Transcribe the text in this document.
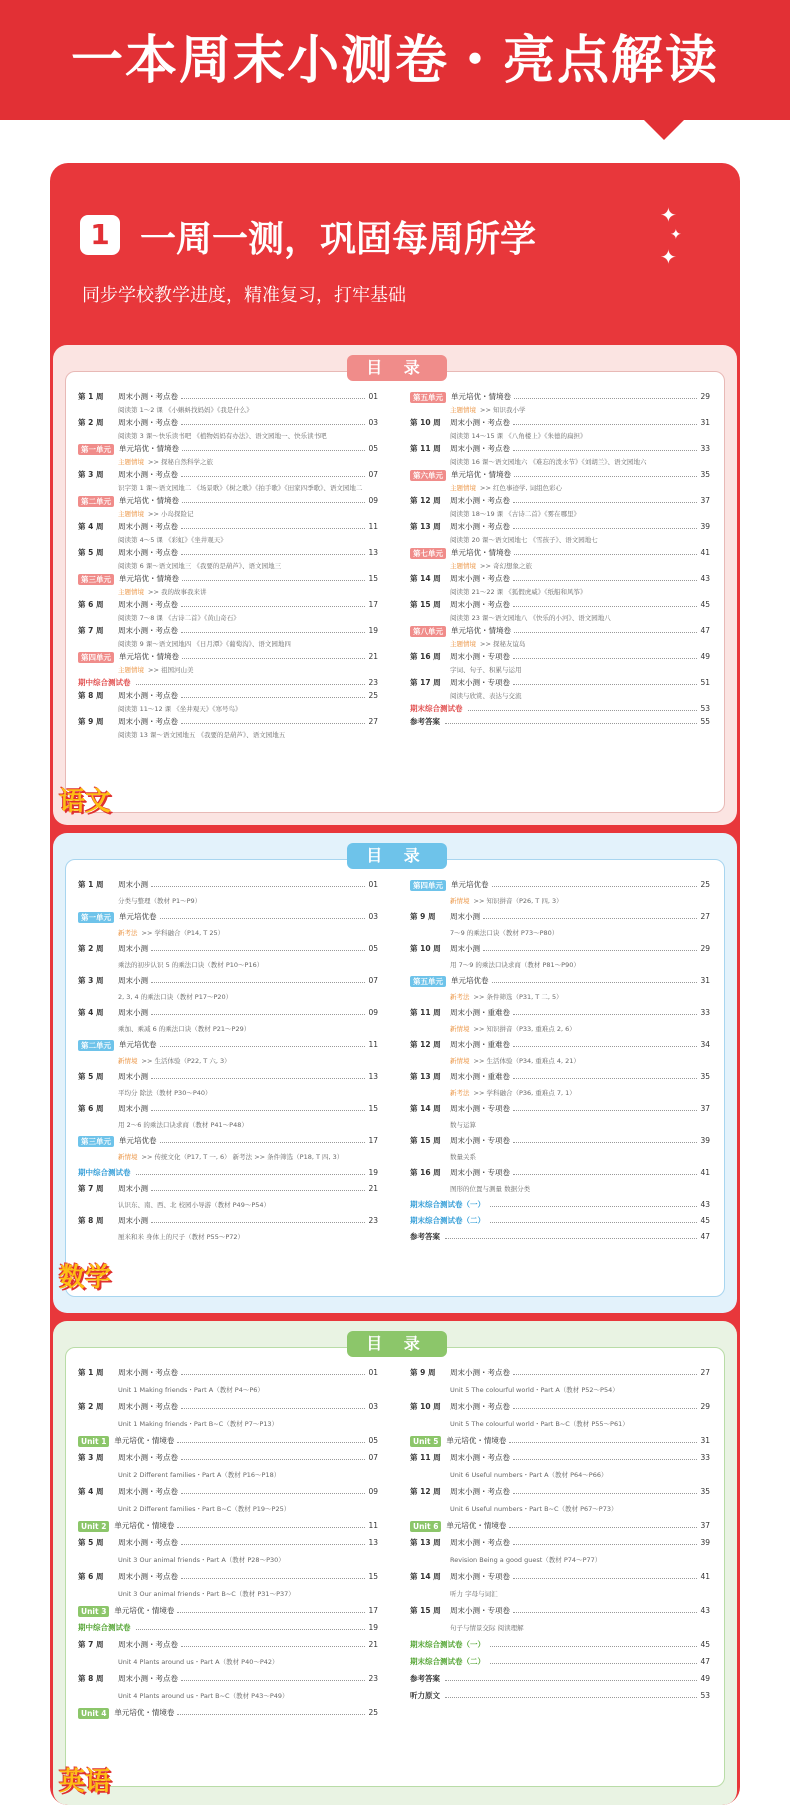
一本周末小测卷・亮点解读
1 一周一测，巩固每周所学
同步学校教学进度，精准复习，打牢基础
✦
✦
✦
第 1 周	周末小测・考点卷	01
阅读第 1～2 课 《小蝌蚪找妈妈》《我是什么》
第 2 周	周末小测・考点卷	03
阅读第 3 课～快乐读书吧 《植物妈妈有办法》、语文园地一、快乐读书吧
第一单元	单元培优・情境卷	05
主题情境 >> 探秘自然科学之旅
第 3 周	周末小测・考点卷	07
识字第 1 课～语文园地二 《场景歌》《树之歌》《拍手歌》《田家四季歌》、语文园地二
第二单元	单元培优・情境卷	09
主题情境 >> 小岛探险记
第 4 周	周末小测・考点卷	11
阅读第 4～5 课 《彩虹》《坐井观天》
第 5 周	周末小测・考点卷	13
阅读第 6 课～语文园地三 《我要的是葫芦》、语文园地三
第三单元	单元培优・情境卷	15
主题情境 >> 我的故事我来讲
第 6 周	周末小测・考点卷	17
阅读第 7～8 课 《古诗二首》《黄山奇石》
第 7 周	周末小测・考点卷	19
阅读第 9 课～语文园地四 《日月潭》《葡萄沟》、语文园地四
第四单元	单元培优・情境卷	21
主题情境 >> 祖国河山美
期中综合测试卷	23
第 8 周	周末小测・考点卷	25
阅读第 11～12 课 《坐井观天》《寒号鸟》
第 9 周	周末小测・考点卷	27
阅读第 13 课～语文园地五 《我要的是葫芦》、语文园地五
第五单元	单元培优・情境卷	29
主题情境 >> 知识我小学
第 10 周	周末小测・考点卷	31
阅读第 14～15 课 《八角楼上》《朱德的扁担》
第 11 周	周末小测・考点卷	33
阅读第 16 课～语文园地六 《难忘的泼水节》《刘胡兰》、语文园地六
第六单元	单元培优・情境卷	35
主题情境 >> 红色事迹学, 词组色彩心
第 12 周	周末小测・考点卷	37
阅读第 18～19 课 《古诗二首》《雾在哪里》
第 13 周	周末小测・考点卷	39
阅读第 20 课～语文园地七 《雪孩子》、语文园地七
第七单元	单元培优・情境卷	41
主题情境 >> 奇幻想象之旅
第 14 周	周末小测・考点卷	43
阅读第 21～22 课 《狐假虎威》《纸船和风筝》
第 15 周	周末小测・考点卷	45
阅读第 23 课～语文园地八 《快乐的小河》、语文园地八
第八单元	单元培优・情境卷	47
主题情境 >> 探秘友谊岛
第 16 周	周末小测・专项卷	49
字词、句子、积累与运用
第 17 周	周末小测・专项卷	51
阅读与欣赏、表达与交流
期末综合测试卷	53
参考答案	55
目 录
语文
第 1 周	周末小测	01
分类与整理（教材 P1～P9）
第一单元	单元培优卷	03
新考法 >> 学科融合（P14, T 25）
第 2 周	周末小测	05
乘法的初步认识 5 的乘法口诀（教材 P10～P16）
第 3 周	周末小测	07
2, 3, 4 的乘法口诀（教材 P17～P20）
第 4 周	周末小测	09
乘加、乘减 6 的乘法口诀（教材 P21～P29）
第二单元	单元培优卷	11
新情境 >> 生活体验（P22, T 六, 3）
第 5 周	周末小测	13
平均分 除法（教材 P30～P40）
第 6 周	周末小测	15
用 2～6 的乘法口诀求商（教材 P41～P48）
第三单元	单元培优卷	17
新情境 >> 传统文化（P17, T 一, 6） 新考法 >> 条件筛选（P18, T 四, 3）
期中综合测试卷	19
第 7 周	周末小测	21
认识东、南、西、北 校园小导游（教材 P49～P54）
第 8 周	周末小测	23
厘米和米 身体上的尺子（教材 P55～P72）
第四单元	单元培优卷	25
新情境 >> 知识拼音（P26, T 四, 3）
第 9 周	周末小测	27
7～9 的乘法口诀（教材 P73～P80）
第 10 周	周末小测	29
用 7～9 的乘法口诀求商（教材 P81～P90）
第五单元	单元培优卷	31
新考法 >> 条件筛选（P31, T 二, 5）
第 11 周	周末小测・重难卷	33
新情境 >> 知识拼音（P33, 重难点 2, 6）
第 12 周	周末小测・重难卷	34
新情境 >> 生活体验（P34, 重难点 4, 21）
第 13 周	周末小测・重难卷	35
新考法 >> 学科融合（P36, 重难点 7, 1）
第 14 周	周末小测・专项卷	37
数与运算
第 15 周	周末小测・专项卷	39
数量关系
第 16 周	周末小测・专项卷	41
图形的位置与测量 数据分类
期末综合测试卷（一）	43
期末综合测试卷（二）	45
参考答案	47
目 录
数学
第 1 周	周末小测・考点卷	01
Unit 1 Making friends・Part A（教材 P4～P6）
第 2 周	周末小测・考点卷	03
Unit 1 Making friends・Part B~C（教材 P7～P13）
Unit 1	单元培优・情境卷	05
第 3 周	周末小测・考点卷	07
Unit 2 Different families・Part A（教材 P16～P18）
第 4 周	周末小测・考点卷	09
Unit 2 Different families・Part B~C（教材 P19～P25）
Unit 2	单元培优・情境卷	11
第 5 周	周末小测・考点卷	13
Unit 3 Our animal friends・Part A（教材 P28～P30）
第 6 周	周末小测・考点卷	15
Unit 3 Our animal friends・Part B~C（教材 P31～P37）
Unit 3	单元培优・情境卷	17
期中综合测试卷	19
第 7 周	周末小测・考点卷	21
Unit 4 Plants around us・Part A（教材 P40～P42）
第 8 周	周末小测・考点卷	23
Unit 4 Plants around us・Part B~C（教材 P43～P49）
Unit 4	单元培优・情境卷	25
第 9 周	周末小测・考点卷	27
Unit 5 The colourful world・Part A（教材 P52～P54）
第 10 周	周末小测・考点卷	29
Unit 5 The colourful world・Part B~C（教材 P55～P61）
Unit 5	单元培优・情境卷	31
第 11 周	周末小测・考点卷	33
Unit 6 Useful numbers・Part A（教材 P64～P66）
第 12 周	周末小测・考点卷	35
Unit 6 Useful numbers・Part B~C（教材 P67～P73）
Unit 6	单元培优・情境卷	37
第 13 周	周末小测・考点卷	39
Revision Being a good guest（教材 P74～P77）
第 14 周	周末小测・专项卷	41
听力 字母与词汇
第 15 周	周末小测・专项卷	43
句子与情景交际 阅读理解
期末综合测试卷（一）	45
期末综合测试卷（二）	47
参考答案	49
听力原文	53
目 录
英语
